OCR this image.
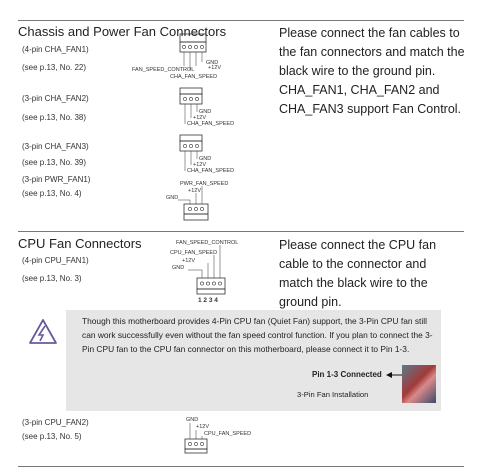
Chassis and Power Fan Connectors
(4-pin CHA_FAN1)
(see p.13, No. 22)
(3-pin CHA_FAN2)
(see p.13, No. 38)
(3-pin CHA_FAN3)
(see p.13, No. 39)
(3-pin PWR_FAN1)
(see p.13, No. 4)
Please connect the fan cables to the fan connectors and match the black wire to the ground pin. CHA_FAN1, CHA_FAN2 and CHA_FAN3 support Fan Control.
FAN_SPEED_CONTROL +12V
GND
CHA_FAN_SPEED
GND
+12V
CHA_FAN_SPEED
GND
+12V
CHA_FAN_SPEED
PWR_FAN_SPEED
+12V
GND
CPU Fan Connectors
(4-pin CPU_FAN1)
(see p.13, No. 3)
Please connect the CPU fan cable to the connector and match the black wire to the ground pin.
FAN_SPEED_CONTROL
CPU_FAN_SPEED
+12V
GND
1 2 3 4
Though this motherboard provides 4-Pin CPU fan (Quiet Fan) support, the 3-Pin CPU fan still can work successfully even without the fan speed control function. If you plan to connect the 3-Pin CPU fan to the CPU fan connector on this motherboard, please connect it to Pin 1-3.
Pin 1-3 Connected
3-Pin Fan Installation
(3-pin CPU_FAN2)
(see p.13, No. 5)
GND
+12V
CPU_FAN_SPEED
